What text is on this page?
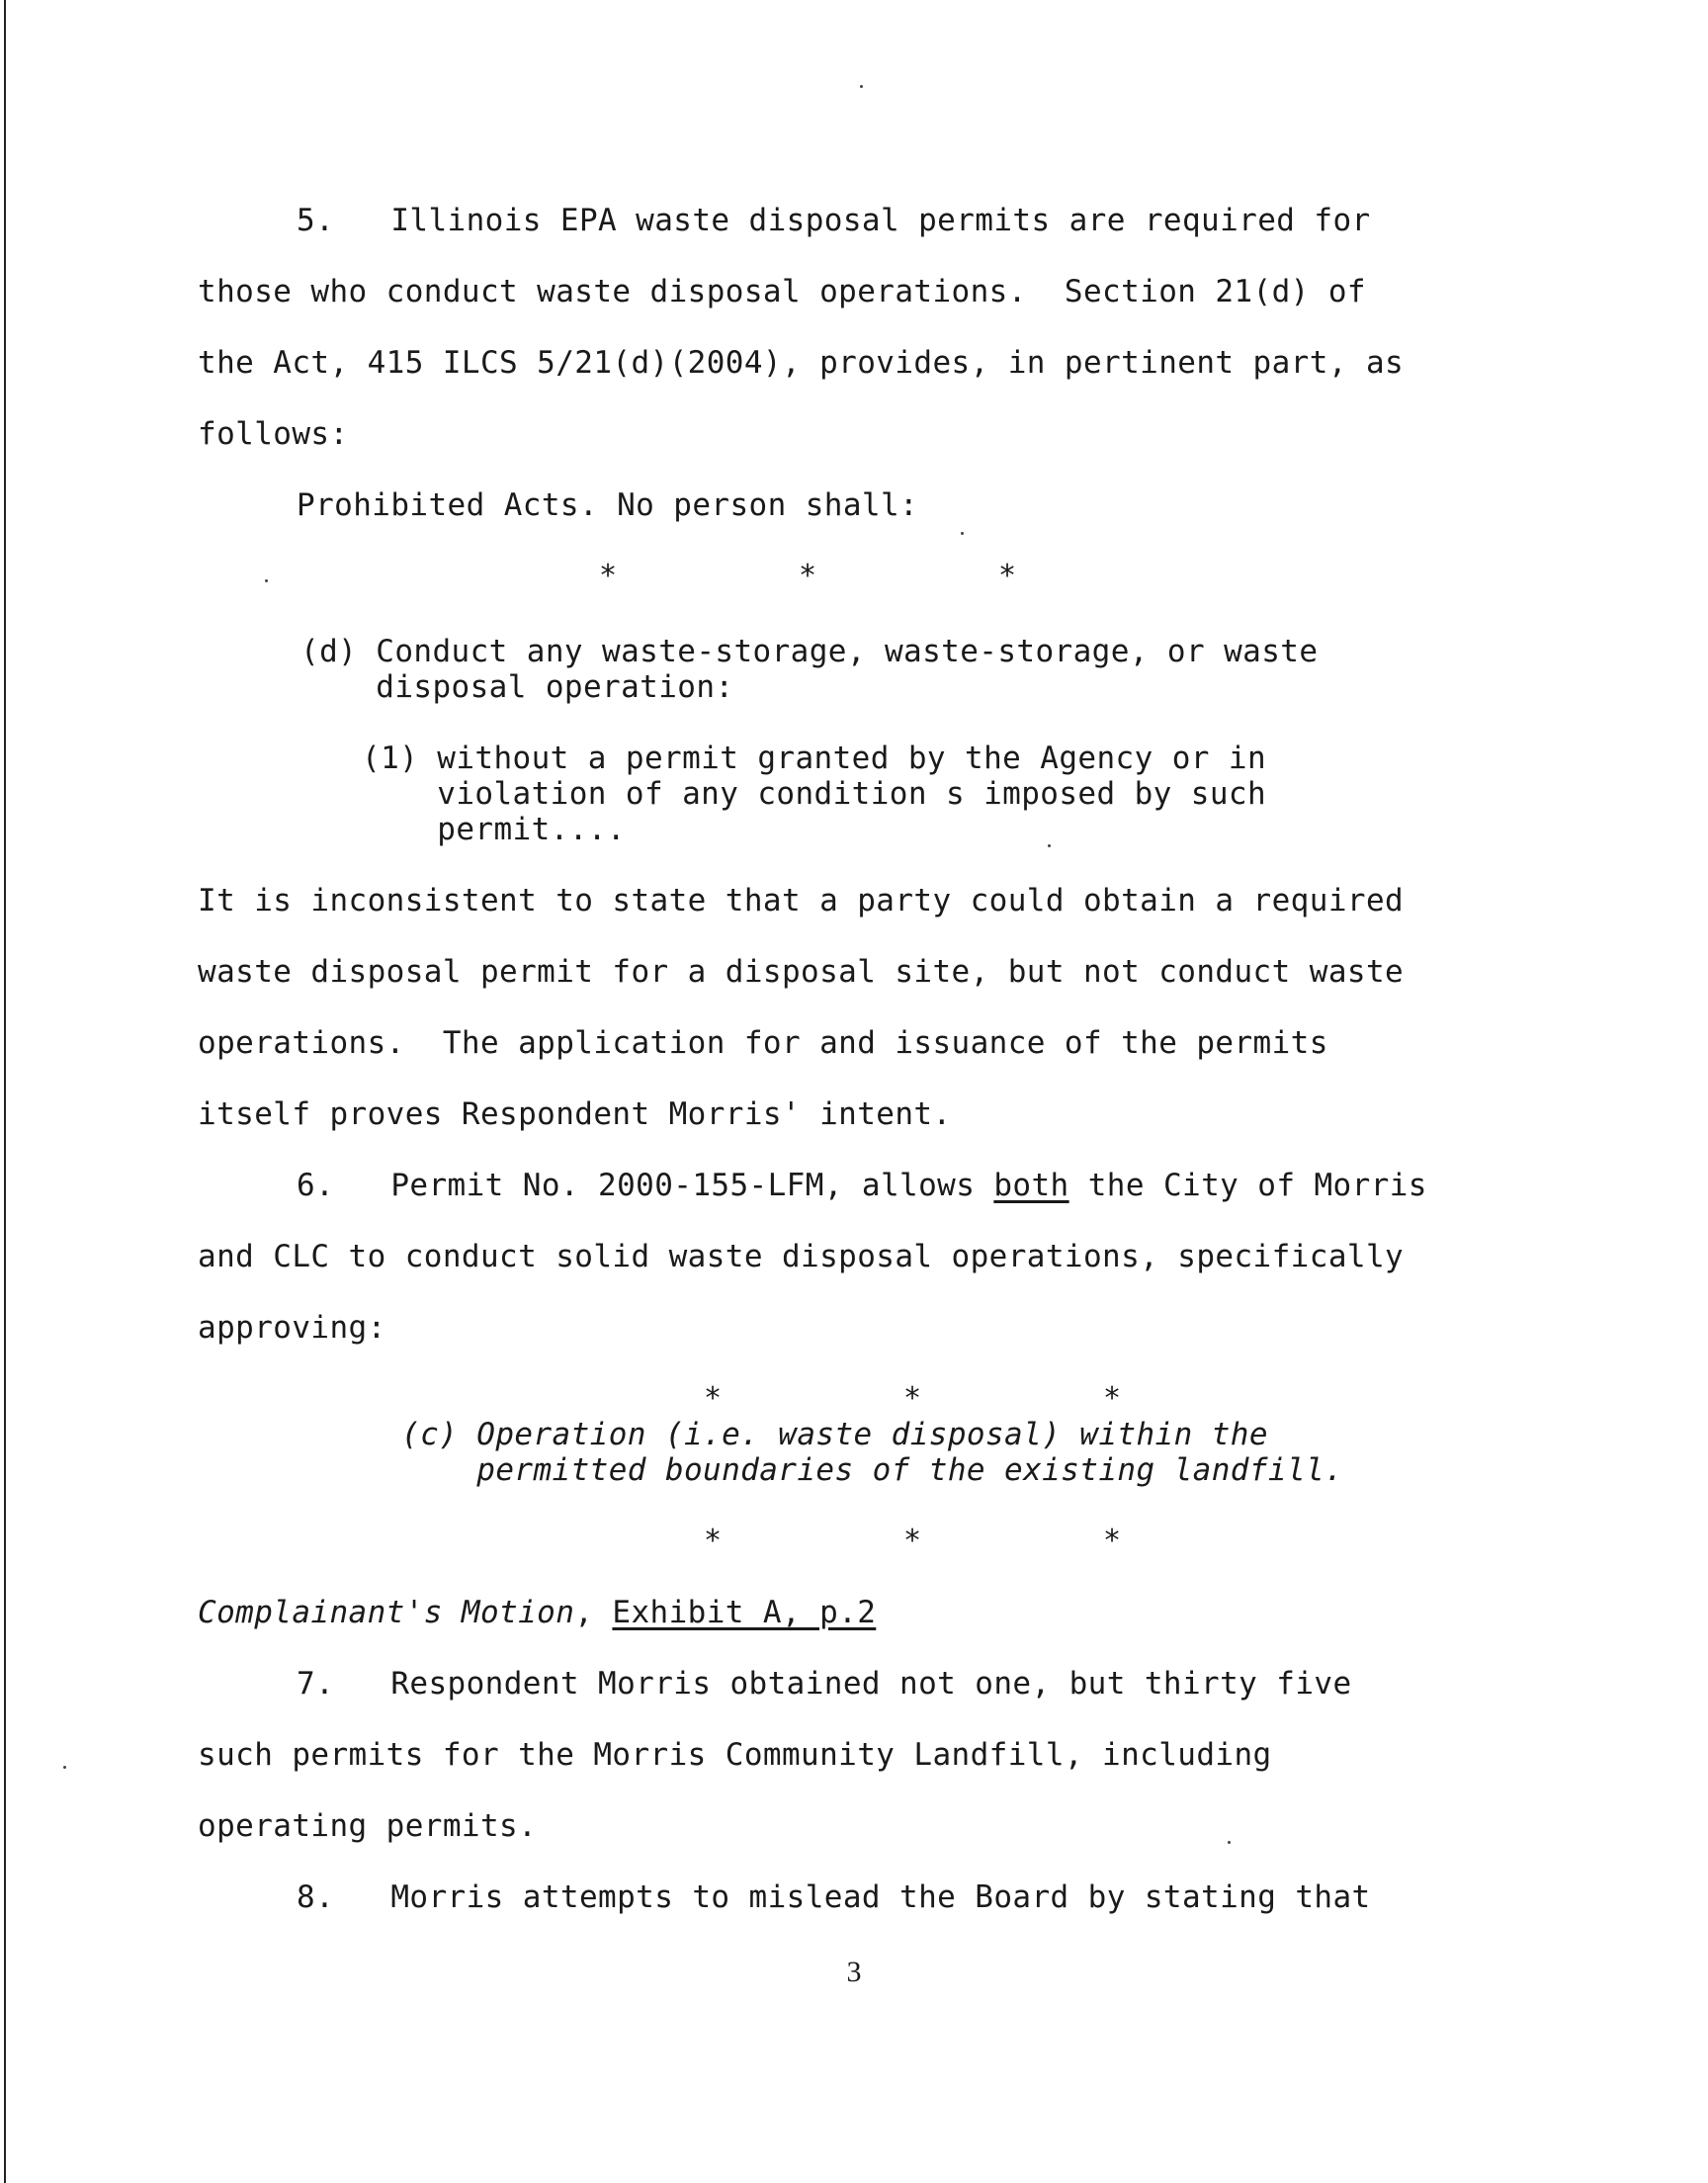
5.   Illinois EPA waste disposal permits are required for
those who conduct waste disposal operations.  Section 21(d) of
the Act, 415 ILCS 5/21(d)(2004), provides, in pertinent part, as
follows:
Prohibited Acts. No person shall:
*	*	*
(d) Conduct any waste-storage, waste-storage, or waste
disposal operation:
(1) without a permit granted by the Agency or in
violation of any condition s imposed by such
permit....
It is inconsistent to state that a party could obtain a required
waste disposal permit for a disposal site, but not conduct waste
operations.  The application for and issuance of the permits
itself proves Respondent Morris' intent.
6.   Permit No. 2000-155-LFM, allows both the City of Morris
and CLC to conduct solid waste disposal operations, specifically
approving:
*	*	*
(c) Operation (i.e. waste disposal) within the
permitted boundaries of the existing landfill.
*	*	*
Complainant's Motion, Exhibit A, p.2
7.   Respondent Morris obtained not one, but thirty five
such permits for the Morris Community Landfill, including
operating permits.
8.   Morris attempts to mislead the Board by stating that
3
